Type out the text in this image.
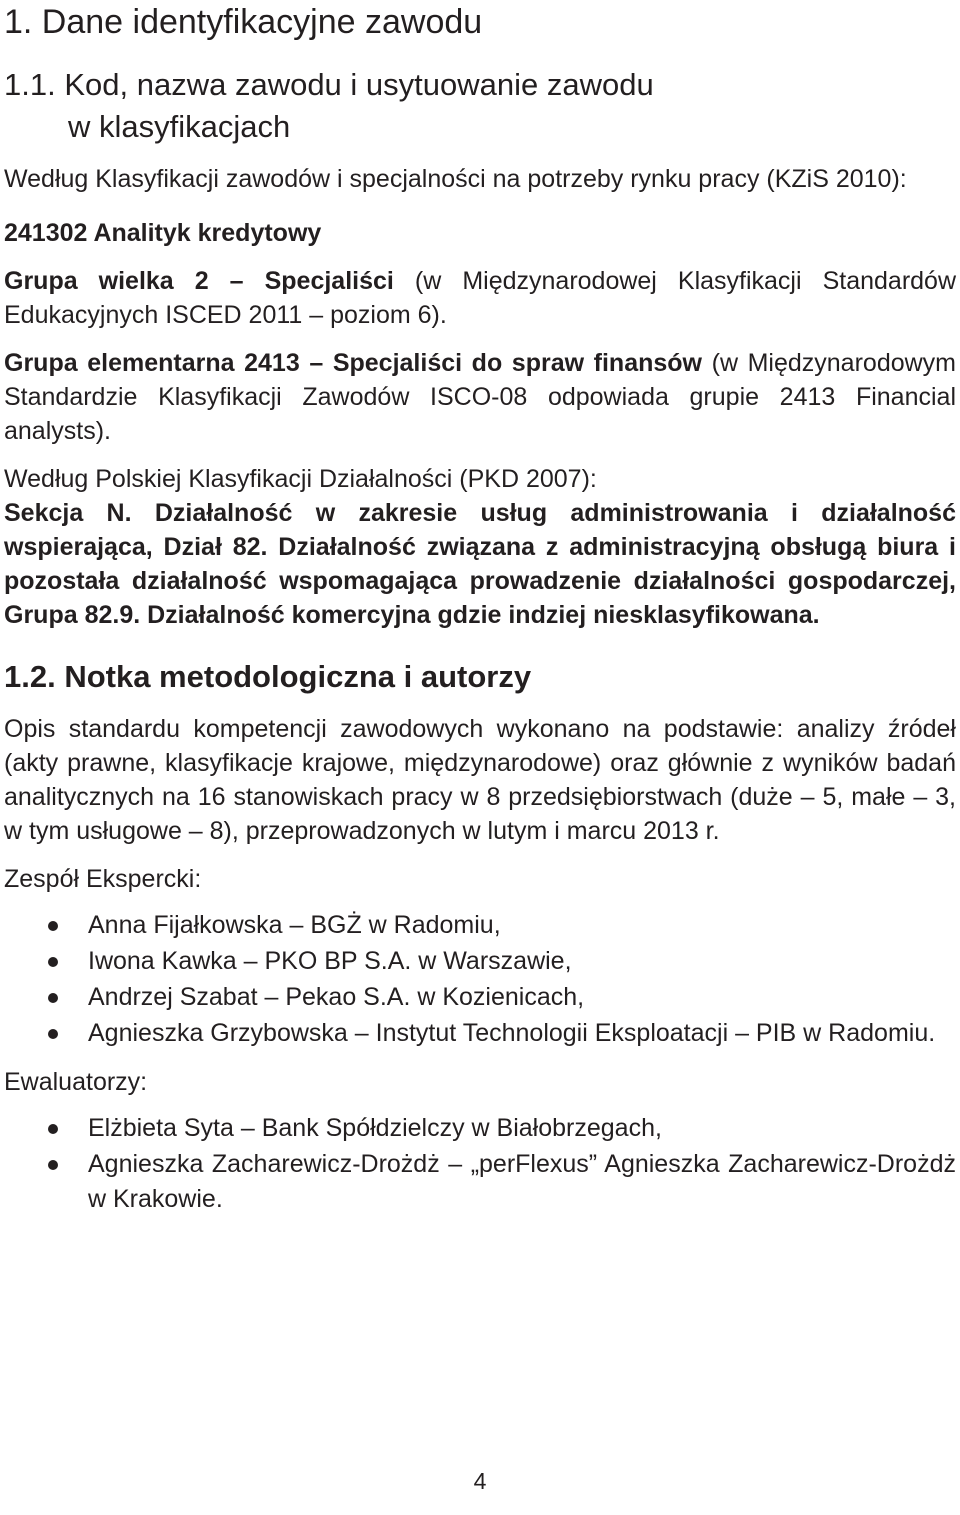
1. Dane identyfikacyjne zawodu
1.1. Kod, nazwa zawodu i usytuowanie zawodu
w klasyfikacjach

Według Klasyfikacji zawodów i specjalności na potrzeby rynku pracy (KZiS 2010):

241302 Analityk kredytowy

Grupa wielka 2 – Specjaliści (w Międzynarodowej Klasyfikacji Standardów Edukacyjnych ISCED 2011 – poziom 6).

Grupa elementarna 2413 – Specjaliści do spraw finansów (w Międzynarodowym Standardzie Klasyfikacji Zawodów ISCO-08 odpowiada grupie 2413 Financial analysts).

Według Polskiej Klasyfikacji Działalności (PKD 2007):

Sekcja N. Działalność w zakresie usług administrowania i działalność wspierająca, Dział 82. Działalność związana z administracyjną obsługą biura i pozostała działalność wspomagająca prowadzenie działalności gospodarczej, Grupa 82.9. Działalność komercyjna gdzie indziej niesklasyfikowana.

1.2. Notka metodologiczna i autorzy

Opis standardu kompetencji zawodowych wykonano na podstawie: analizy źródeł (akty prawne, klasyfikacje krajowe, międzynarodowe) oraz głównie z wyników badań analitycznych na 16 stanowiskach pracy w 8 przedsiębiorstwach (duże – 5, małe – 3, w tym usługowe – 8), przeprowadzonych w lutym i marcu 2013 r.

Zespół Ekspercki:

Anna Fijałkowska – BGŻ w Radomiu,
Iwona Kawka – PKO BP S.A. w Warszawie,
Andrzej Szabat – Pekao S.A. w Kozienicach,
Agnieszka Grzybowska – Instytut Technologii Eksploatacji – PIB w Radomiu.

Ewaluatorzy:

Elżbieta Syta – Bank Spółdzielczy w Białobrzegach,
Agnieszka Zacharewicz-Drożdż – „perFlexus” Agnieszka Zacharewicz-Drożdż w Krakowie.
4
